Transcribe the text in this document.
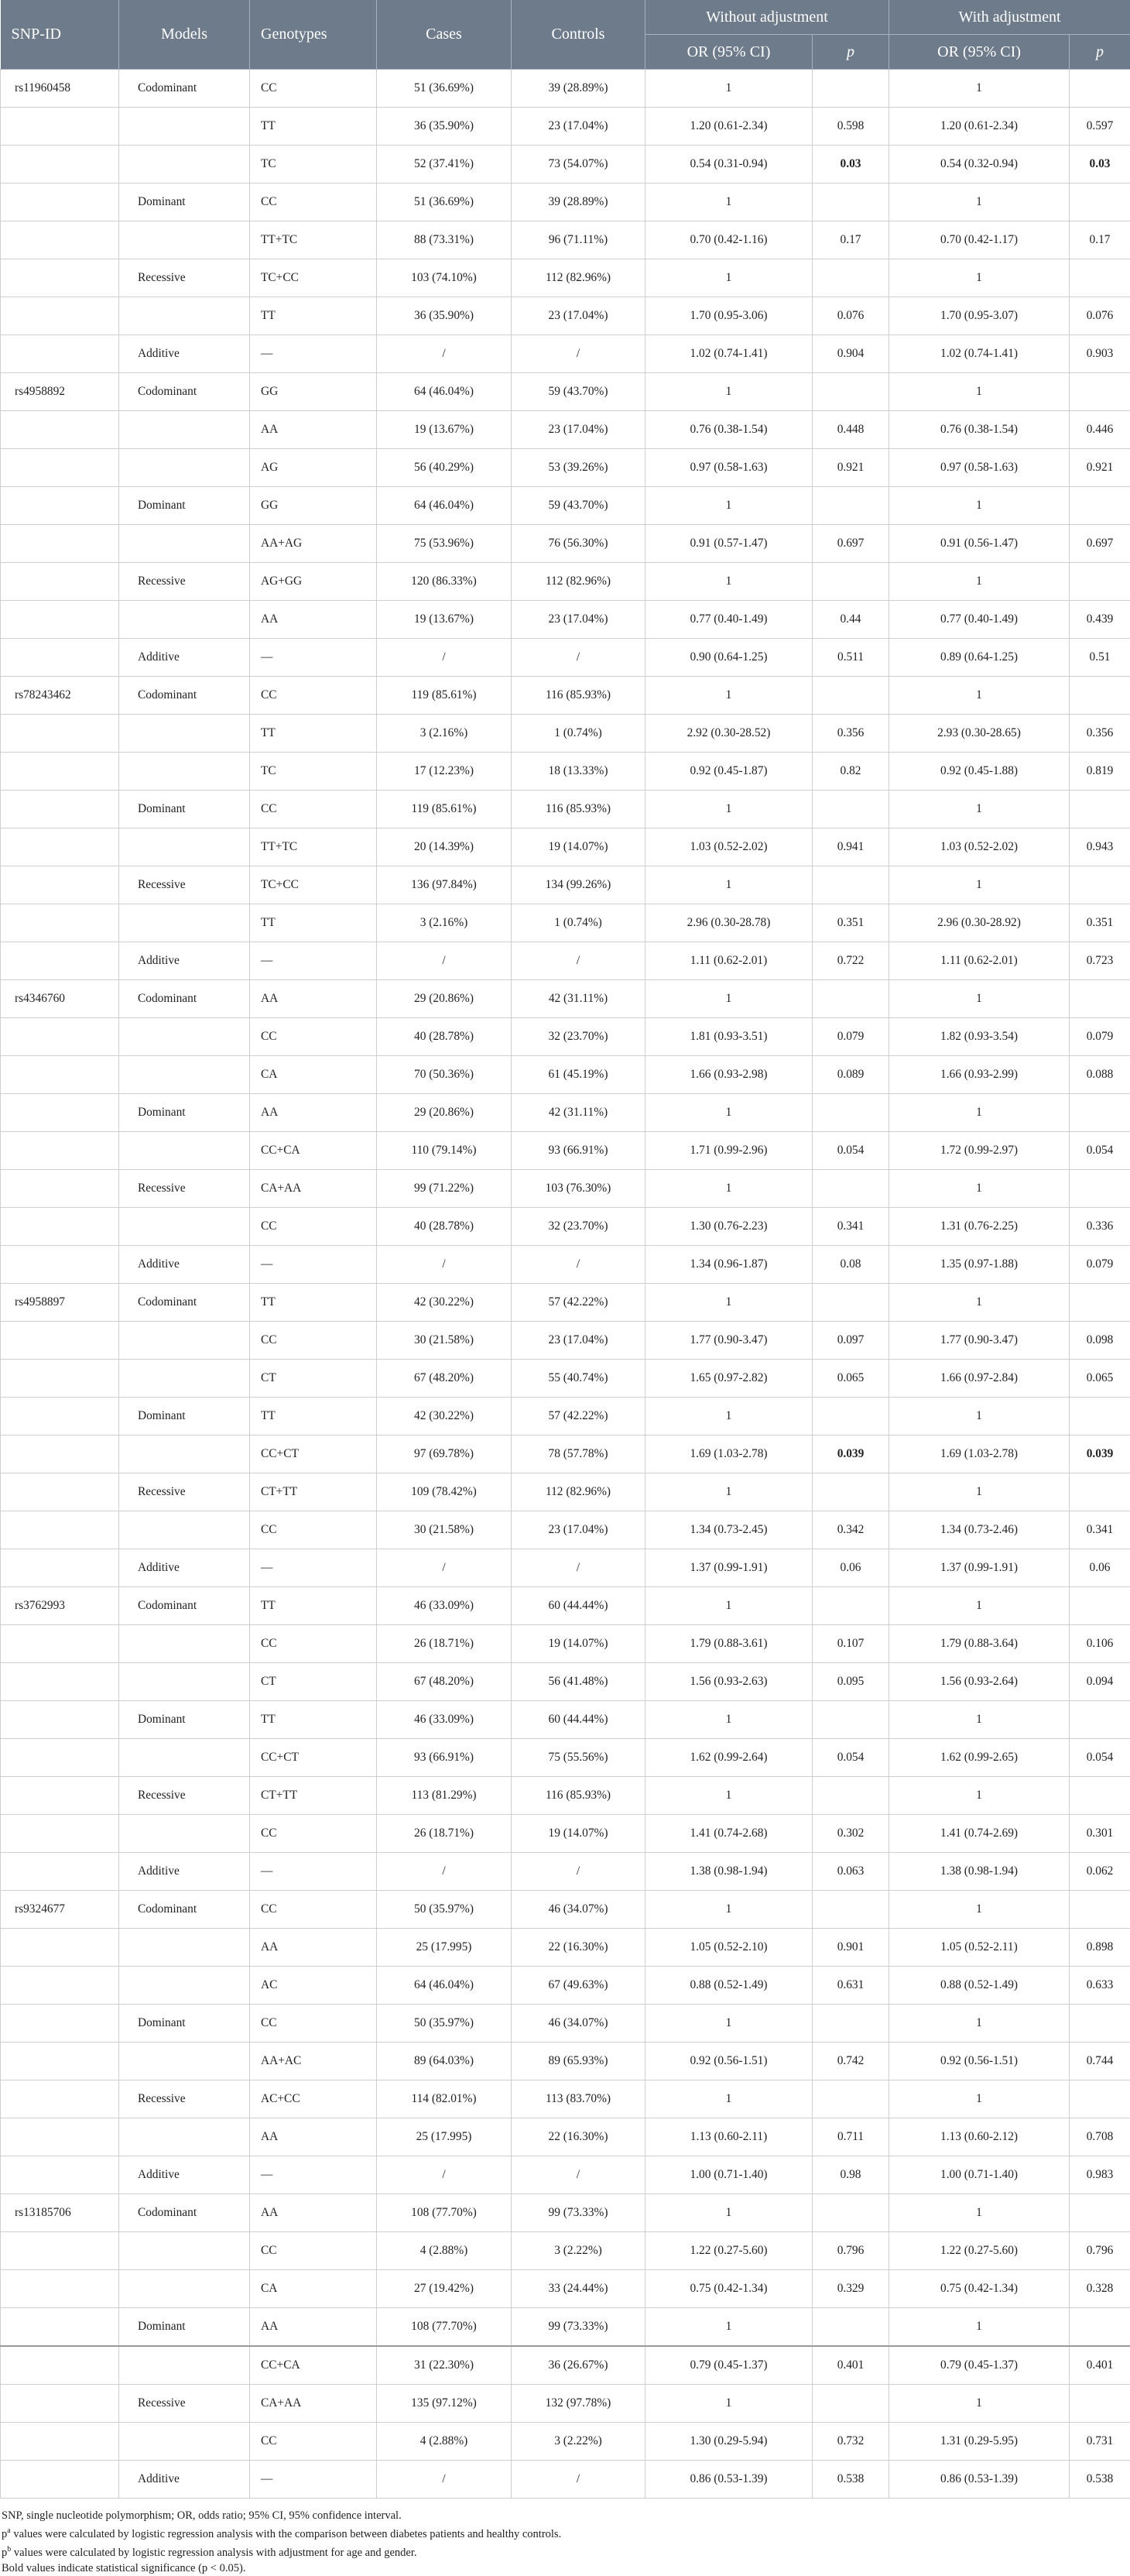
SNP-ID	Models	Genotypes	Cases	Controls	Without adjustment		With adjustment	
					OR (95% CI)	p	OR (95% CI)	p
rs11960458	Codominant	CC	51 (36.69%)	39 (28.89%)	1		1	
		TT	36 (35.90%)	23 (17.04%)	1.20 (0.61-2.34)	0.598	1.20 (0.61-2.34)	0.597
		TC	52 (37.41%)	73 (54.07%)	0.54 (0.31-0.94)	0.03	0.54 (0.32-0.94)	0.03
	Dominant	CC	51 (36.69%)	39 (28.89%)	1		1	
		TT+TC	88 (73.31%)	96 (71.11%)	0.70 (0.42-1.16)	0.17	0.70 (0.42-1.17)	0.17
	Recessive	TC+CC	103 (74.10%)	112 (82.96%)	1		1	
		TT	36 (35.90%)	23 (17.04%)	1.70 (0.95-3.06)	0.076	1.70 (0.95-3.07)	0.076
	Additive	—	/	/	1.02 (0.74-1.41)	0.904	1.02 (0.74-1.41)	0.903
rs4958892	Codominant	GG	64 (46.04%)	59 (43.70%)	1		1	
		AA	19 (13.67%)	23 (17.04%)	0.76 (0.38-1.54)	0.448	0.76 (0.38-1.54)	0.446
		AG	56 (40.29%)	53 (39.26%)	0.97 (0.58-1.63)	0.921	0.97 (0.58-1.63)	0.921
	Dominant	GG	64 (46.04%)	59 (43.70%)	1		1	
		AA+AG	75 (53.96%)	76 (56.30%)	0.91 (0.57-1.47)	0.697	0.91 (0.56-1.47)	0.697
	Recessive	AG+GG	120 (86.33%)	112 (82.96%)	1		1	
		AA	19 (13.67%)	23 (17.04%)	0.77 (0.40-1.49)	0.44	0.77 (0.40-1.49)	0.439
	Additive	—	/	/	0.90 (0.64-1.25)	0.511	0.89 (0.64-1.25)	0.51
rs78243462	Codominant	CC	119 (85.61%)	116 (85.93%)	1		1	
		TT	3 (2.16%)	1 (0.74%)	2.92 (0.30-28.52)	0.356	2.93 (0.30-28.65)	0.356
		TC	17 (12.23%)	18 (13.33%)	0.92 (0.45-1.87)	0.82	0.92 (0.45-1.88)	0.819
	Dominant	CC	119 (85.61%)	116 (85.93%)	1		1	
		TT+TC	20 (14.39%)	19 (14.07%)	1.03 (0.52-2.02)	0.941	1.03 (0.52-2.02)	0.943
	Recessive	TC+CC	136 (97.84%)	134 (99.26%)	1		1	
		TT	3 (2.16%)	1 (0.74%)	2.96 (0.30-28.78)	0.351	2.96 (0.30-28.92)	0.351
	Additive	—	/	/	1.11 (0.62-2.01)	0.722	1.11 (0.62-2.01)	0.723
rs4346760	Codominant	AA	29 (20.86%)	42 (31.11%)	1		1	
		CC	40 (28.78%)	32 (23.70%)	1.81 (0.93-3.51)	0.079	1.82 (0.93-3.54)	0.079
		CA	70 (50.36%)	61 (45.19%)	1.66 (0.93-2.98)	0.089	1.66 (0.93-2.99)	0.088
	Dominant	AA	29 (20.86%)	42 (31.11%)	1		1	
		CC+CA	110 (79.14%)	93 (66.91%)	1.71 (0.99-2.96)	0.054	1.72 (0.99-2.97)	0.054
	Recessive	CA+AA	99 (71.22%)	103 (76.30%)	1		1	
		CC	40 (28.78%)	32 (23.70%)	1.30 (0.76-2.23)	0.341	1.31 (0.76-2.25)	0.336
	Additive	—	/	/	1.34 (0.96-1.87)	0.08	1.35 (0.97-1.88)	0.079
rs4958897	Codominant	TT	42 (30.22%)	57 (42.22%)	1		1	
		CC	30 (21.58%)	23 (17.04%)	1.77 (0.90-3.47)	0.097	1.77 (0.90-3.47)	0.098
		CT	67 (48.20%)	55 (40.74%)	1.65 (0.97-2.82)	0.065	1.66 (0.97-2.84)	0.065
	Dominant	TT	42 (30.22%)	57 (42.22%)	1		1	
		CC+CT	97 (69.78%)	78 (57.78%)	1.69 (1.03-2.78)	0.039	1.69 (1.03-2.78)	0.039
	Recessive	CT+TT	109 (78.42%)	112 (82.96%)	1		1	
		CC	30 (21.58%)	23 (17.04%)	1.34 (0.73-2.45)	0.342	1.34 (0.73-2.46)	0.341
	Additive	—	/	/	1.37 (0.99-1.91)	0.06	1.37 (0.99-1.91)	0.06
rs3762993	Codominant	TT	46 (33.09%)	60 (44.44%)	1		1	
		CC	26 (18.71%)	19 (14.07%)	1.79 (0.88-3.61)	0.107	1.79 (0.88-3.64)	0.106
		CT	67 (48.20%)	56 (41.48%)	1.56 (0.93-2.63)	0.095	1.56 (0.93-2.64)	0.094
	Dominant	TT	46 (33.09%)	60 (44.44%)	1		1	
		CC+CT	93 (66.91%)	75 (55.56%)	1.62 (0.99-2.64)	0.054	1.62 (0.99-2.65)	0.054
	Recessive	CT+TT	113 (81.29%)	116 (85.93%)	1		1	
		CC	26 (18.71%)	19 (14.07%)	1.41 (0.74-2.68)	0.302	1.41 (0.74-2.69)	0.301
	Additive	—	/	/	1.38 (0.98-1.94)	0.063	1.38 (0.98-1.94)	0.062
rs9324677	Codominant	CC	50 (35.97%)	46 (34.07%)	1		1	
		AA	25 (17.995)	22 (16.30%)	1.05 (0.52-2.10)	0.901	1.05 (0.52-2.11)	0.898
		AC	64 (46.04%)	67 (49.63%)	0.88 (0.52-1.49)	0.631	0.88 (0.52-1.49)	0.633
	Dominant	CC	50 (35.97%)	46 (34.07%)	1		1	
		AA+AC	89 (64.03%)	89 (65.93%)	0.92 (0.56-1.51)	0.742	0.92 (0.56-1.51)	0.744
	Recessive	AC+CC	114 (82.01%)	113 (83.70%)	1		1	
		AA	25 (17.995)	22 (16.30%)	1.13 (0.60-2.11)	0.711	1.13 (0.60-2.12)	0.708
	Additive	—	/	/	1.00 (0.71-1.40)	0.98	1.00 (0.71-1.40)	0.983
rs13185706	Codominant	AA	108 (77.70%)	99 (73.33%)	1		1	
		CC	4 (2.88%)	3 (2.22%)	1.22 (0.27-5.60)	0.796	1.22 (0.27-5.60)	0.796
		CA	27 (19.42%)	33 (24.44%)	0.75 (0.42-1.34)	0.329	0.75 (0.42-1.34)	0.328
	Dominant	AA	108 (77.70%)	99 (73.33%)	1		1	
		CC+CA	31 (22.30%)	36 (26.67%)	0.79 (0.45-1.37)	0.401	0.79 (0.45-1.37)	0.401
	Recessive	CA+AA	135 (97.12%)	132 (97.78%)	1		1	
		CC	4 (2.88%)	3 (2.22%)	1.30 (0.29-5.94)	0.732	1.31 (0.29-5.95)	0.731
	Additive	—	/	/	0.86 (0.53-1.39)	0.538	0.86 (0.53-1.39)	0.538
SNP, single nucleotide polymorphism; OR, odds ratio; 95% CI, 95% confidence interval.
$p^a$ values were calculated by logistic regression analysis with the comparison between diabetes patients and healthy controls.
$p^b$ values were calculated by logistic regression analysis with adjustment for age and gender.
Bold values indicate statistical significance (p < 0.05).
